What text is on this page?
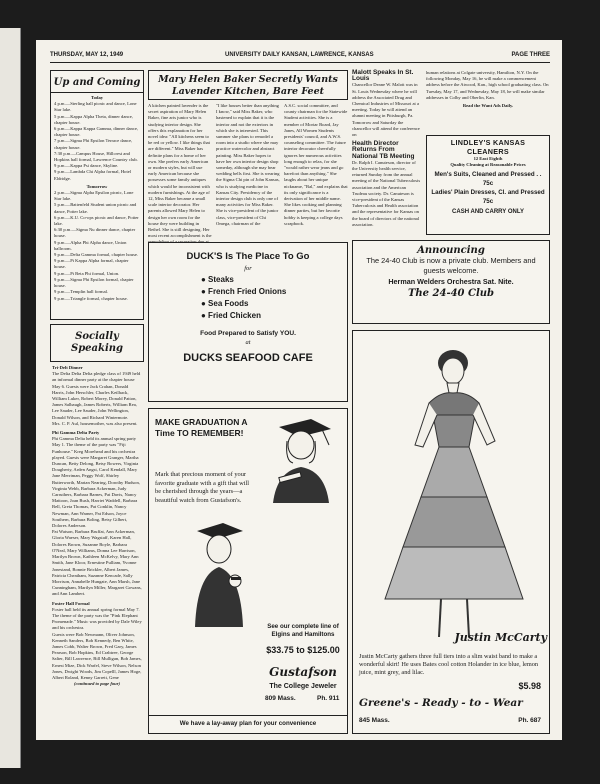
THURSDAY, MAY 12, 1949	UNIVERSITY DAILY KANSAN, LAWRENCE, KANSAS	PAGE THREE
Up and Coming
Today
4 p.m.—Sterling hall picnic and dance, Lone Star lake.
5 p.m.—Kappa Alpha Theta, dinner dance, chapter house.
6 p.m.—Kappa Kappa Gamma, dinner dance, chapter house.
7 p.m.—Sigma Phi Epsilon Terrace dance, chapter house.
7:30 p.m.—Campus House, Hillcrest and Hopkins hall formal, Lawrence Country club.
9 p.m.—Kappa Psi dance, Skyline.
9 p.m.—Lambda Chi Alpha formal, Hotel Eldridge.
Tomorrow
2 p.m.—Sigma Alpha Epsilon picnic, Lone Star lake.
5 p.m.—Battenfeld Student union picnic and dance, Potter lake.
6 p.m.—K.U. Co-ops picnic and dance, Potter lake.
6:30 p.m.—Sigma Nu dinner dance, chapter house.
9 p.m.—Alpha Phi Alpha dance, Union ballroom.
9 p.m.—Delta Gamma formal, chapter house.
9 p.m.—Pi Kappa Alpha formal, chapter house.
9 p.m.—Pi Beta Phi formal, Union.
9 p.m.—Sigma Phi Epsilon formal, chapter house.
9 p.m.—Templin hall formal.
9 p.m.—Triangle formal, chapter house.
Socially Speaking
Tri-Delt Dinner
The Delta Delta Delta pledge class of 1949 held an informal dinner party at the chapter house May 6. Guests were Jack Crahan, Donald Harris, John Herschler, Charles Keilhack, William Luker, Robert Morey, Donald Patton, James Salbaugh, James Roberts, William Rea, Lee Sauder, Lee Sauder, John Wellington, Donald Wilson, and Richard Wintermote.
Mrs. C. P. Aul, housemother, was also present.
Phi Gamma Delta Party
Phi Gamma Delta held its annual spring party May 1. The theme of the party was "Fiji Funhouse." Kreg Morehead and his orchestra played. Guests were Margaret Granger, Martha Duncan, Betty Delong, Betsy Bowers, Virginia Dougherty, Arden Angst, Carol Kendall, Mary Jane Merriman, Peggy Wolf, Shirley Butterworth, Marian Nearing, Dorothy Hudson, Virginia Webb, Barbara Ackerman, Judy Carruthers, Barbara Barnes, Pat Davis, Nancy Mattoon, Joan Bush, Harriet Waddell, Barbara Bell, Greta Thomas, Pat Conklin, Nancy Newman, Ann Warner, Pat Edson, Joyce Southern, Barbara Boling, Betsy Gilbert, Dolores Anderson.
Pat Watson, Barbara Bruffat, Ann Ackerman, Gloria Waeser, Mary Wagstaff, Karen Hall, Dolores Brown, Suzanne Boyle, Barbara O'Neal, Mary Williams, Donna Lee Harrison, Marilyn Brown, Kathleen McKelvy, Mary Ann Smith, Jane Kloor, Ernestine Pulliam, Yvonne Jonestand, Bonnie Brickler, Albert James, Patricia Cheatham, Suzanne Kencade, Sally Morrison, Annabelle Hungate, Ann Marsh, Jane Cunningham, Marilyn Miller, Margaret Gowans, and Ann Lambert.
Foster Hall Formal
Foster hall held its annual spring formal May 7. The theme of the party was the "Pink Elephant Promenade." Music was provided by Dale Wiley and his orchestra.
Guests were Bob Newmann, Oliver Johnson, Kenneth Sanders, Bob Kennedy, Ben White, James Cobb, Walter Brown, Fred Gary, James Pearson, Bob Hopkins, Ed Crabtree, George Salter, Bill Lawrence, Bill Mulligan, Bob James, Ernest Mize, Dick Warfel, Steve Wilson, Nelson Jones, Dwight Woods, Jim Copelll, James Hoge, Albert Roland, Kenny Garrett, Gene
(continued to page four)
Mary Helen Baker Secretly Wants Lavender Kitchen, Bare Feet
A kitchen painted lavender is the secret aspiration of Mary Helen Baker, fine arts junior who is studying interior design. She offers this explanation for her novel idea: "All kitchens seem to be red or yellow. I like things that are different." Miss Baker has definite plans for a home of her own. She prefers early American or modern styles, but will use early American because she possesses some family antiques which would be inconsistent with modern furnishings. At the age of 12, Miss Baker became a small scale interior decorator. Her parents allowed Mary Helen to design her own room for the house they were building in Bethel. She is still designing. Her most recent accomplishment is the
"I like houses better than anything I know," said Miss Baker, who hastened to explain that it is the interior and not the exteriors in which she is interested. This summer she plans to remodel a room into a studio where she may practice watercolor and abstract painting. Miss Baker hopes to have her own interior design shop someday, although she may bear wedding bells first. She is wearing the Sigma Chi pin of John Kansas, who is studying medicine in Kansas City. Presidency of the interior design club is only one of many activities for Miss Baker. She is vice-president of the junior class, vice-president of Chi Omega, chairman of the
A.S.C. social committee, and county chairman for the Statewide Student activities. She is a member of Mortar Board, Jay Janes, All Women Students presidents' council, and A.W.S. counseling committee. The future interior decorator cheerfully ignores her numerous activities long enough to relax, for she "would rather wear jeans and go barefoot than anything." She laughs about her unique nickname, "Bal," and explains that its only significance is a derivation of her middle name. She likes cooking and planning dinner parties, but her favorite hobby is keeping a college days scrapbook.
Malott Speaks In St. Louis
Chancellor Deane W. Malott was in St. Louis Wednesday where he will address the Associated Drug and Chemical Industries of Missouri at a meeting. Today he will attend an alumni meeting in Pittsburgh, Pa. Tomorrow and Saturday the chancellor will attend the conference on
Health Director Returns From National TB Meeting
Dr. Ralph I. Canuteson, director of the University health service, returned Sunday from the annual meeting of the National Tuberculosis association and the American Trudeau society. Dr. Canuteson is vice-president of the Kansas Tuberculosis and Health association and the representative for Kansas on the board of directors of the national association.
human relations at Colgate university, Hamilton, N.Y. On the following Monday, May 16, he will make a commencement address before the Atwood, Kan., high school graduating class. On Tuesday, May 17, and Wednesday, May 18, he will make similar addresses in Colby and Oberlin, Kan.
Read the Want Ads Daily.
LINDLEY'S KANSAS CLEANERS
12 East Eighth
Quality Cleaning at Reasonable Prices
Men's Suits, Cleaned and Pressed . . 75c
Ladies' Plain Dresses, Cl. and Pressed 75c
CASH AND CARRY ONLY
Announcing
The 24-40 Club is now a private club. Members and guests welcome.
Herman Welders Orchestra Sat. Nite.
The 24-40 Club
DUCK'S Is The Place To Go
for
● Steaks
● French Fried Onions
● Sea Foods
● Fried Chicken
Food Prepared to Satisfy YOU.
at
DUCKS SEAFOOD CAFE
MAKE GRADUATION A Time TO REMEMBER!
Mark that precious moment of your favorite graduate with a gift that will be cherished through the years—a beautiful watch from Gustafson's.
See our complete line of Elgins and Hamiltons
$33.75 to $125.00
Gustafson
The College Jeweler
809 Mass.	Ph. 911
We have a lay-away plan for your convenience
Justin McCarty
Justin McCarty gathers three full tiers into a slim waist band to make a wonderful skirt! He uses Bates cool cotton Holander in ice blue, lemon juice, mint grey, and lilac.
$5.98
Greene's - Ready - to - Wear
845 Mass.	Ph. 687
